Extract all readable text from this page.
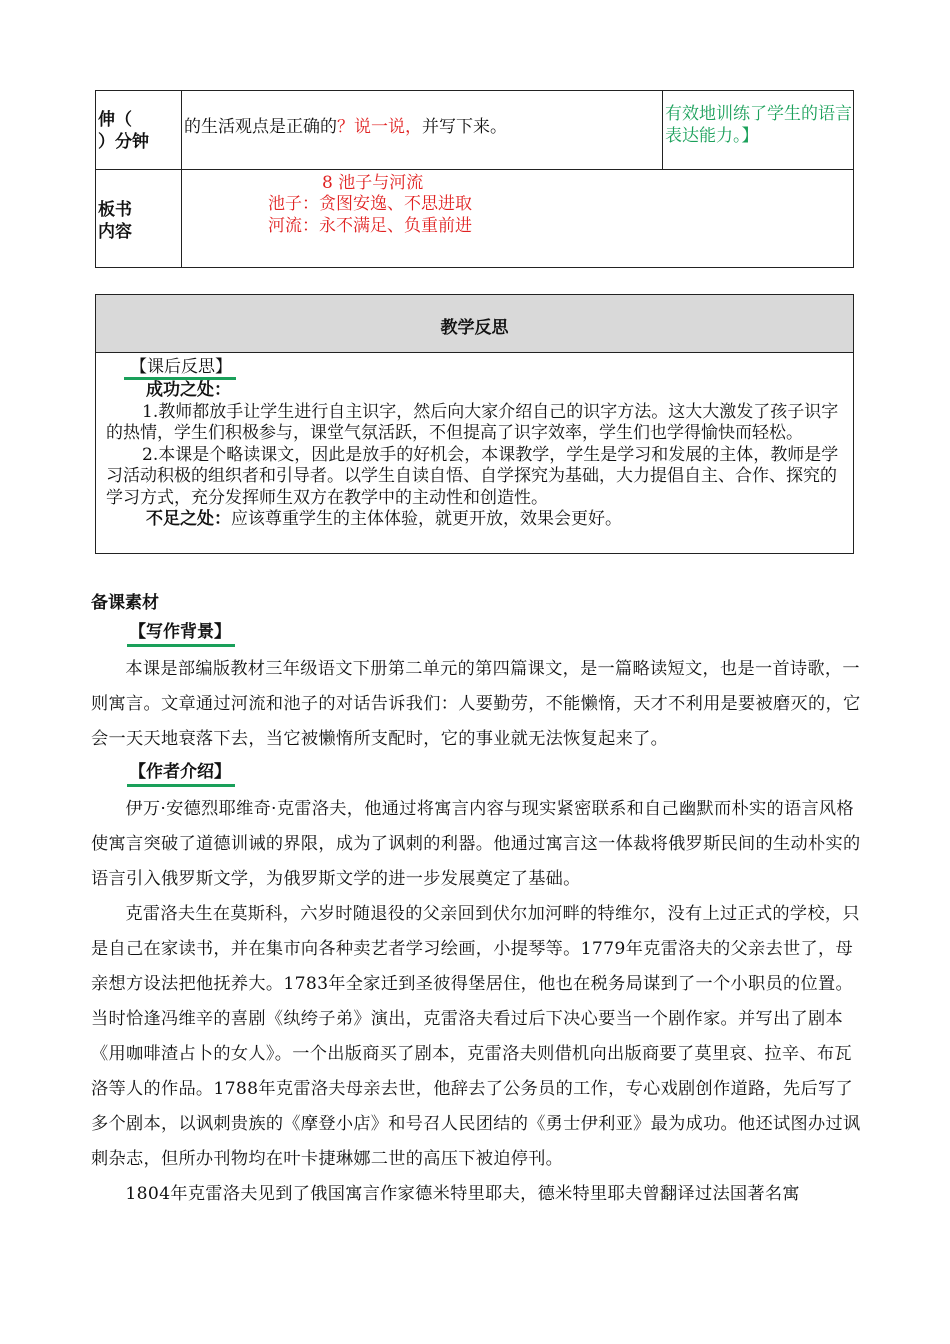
伸（
）分钟
的生活观点是正确的？说一说，并写下来。
有效地训练了学生的语言表达能力。】
板书
内容
8 池子与河流
池子：贪图安逸、不思进取
河流：永不满足、负重前进
教学反思

【课后反思】

成功之处：

1.教师都放手让学生进行自主识字，然后向大家介绍自己的识字方法。这大大激发了孩子识字的热情，学生们积极参与，课堂气氛活跃，不但提高了识字效率，学生们也学得愉快而轻松。

2.本课是个略读课文，因此是放手的好机会，本课教学，学生是学习和发展的主体，教师是学习活动积极的组织者和引导者。以学生自读自悟、自学探究为基础，大力提倡自主、合作、探究的学习方式，充分发挥师生双方在教学中的主动性和创造性。

不足之处：应该尊重学生的主体体验，就更开放，效果会更好。

备课素材
【写作背景】

本课是部编版教材三年级语文下册第二单元的第四篇课文，是一篇略读短文，也是一首诗歌，一则寓言。文章通过河流和池子的对话告诉我们：人要勤劳，不能懒惰，天才不利用是要被磨灭的，它会一天天地衰落下去，当它被懒惰所支配时，它的事业就无法恢复起来了。

【作者介绍】

伊万·安德烈耶维奇·克雷洛夫，他通过将寓言内容与现实紧密联系和自己幽默而朴实的语言风格使寓言突破了道德训诫的界限，成为了讽刺的利器。他通过寓言这一体裁将俄罗斯民间的生动朴实的语言引入俄罗斯文学，为俄罗斯文学的进一步发展奠定了基础。

克雷洛夫生在莫斯科，六岁时随退役的父亲回到伏尔加河畔的特维尔，没有上过正式的学校，只是自己在家读书，并在集市向各种卖艺者学习绘画，小提琴等。1779年克雷洛夫的父亲去世了，母亲想方设法把他抚养大。1783年全家迁到圣彼得堡居住，他也在税务局谋到了一个小职员的位置。当时恰逢冯维辛的喜剧《纨绔子弟》演出，克雷洛夫看过后下决心要当一个剧作家。并写出了剧本《用咖啡渣占卜的女人》。一个出版商买了剧本，克雷洛夫则借机向出版商要了莫里哀、拉辛、布瓦洛等人的作品。1788年克雷洛夫母亲去世，他辞去了公务员的工作，专心戏剧创作道路，先后写了多个剧本，以讽刺贵族的《摩登小店》和号召人民团结的《勇士伊利亚》最为成功。他还试图办过讽刺杂志，但所办刊物均在叶卡捷琳娜二世的高压下被迫停刊。

1804年克雷洛夫见到了俄国寓言作家德米特里耶夫，德米特里耶夫曾翻译过法国著名寓
